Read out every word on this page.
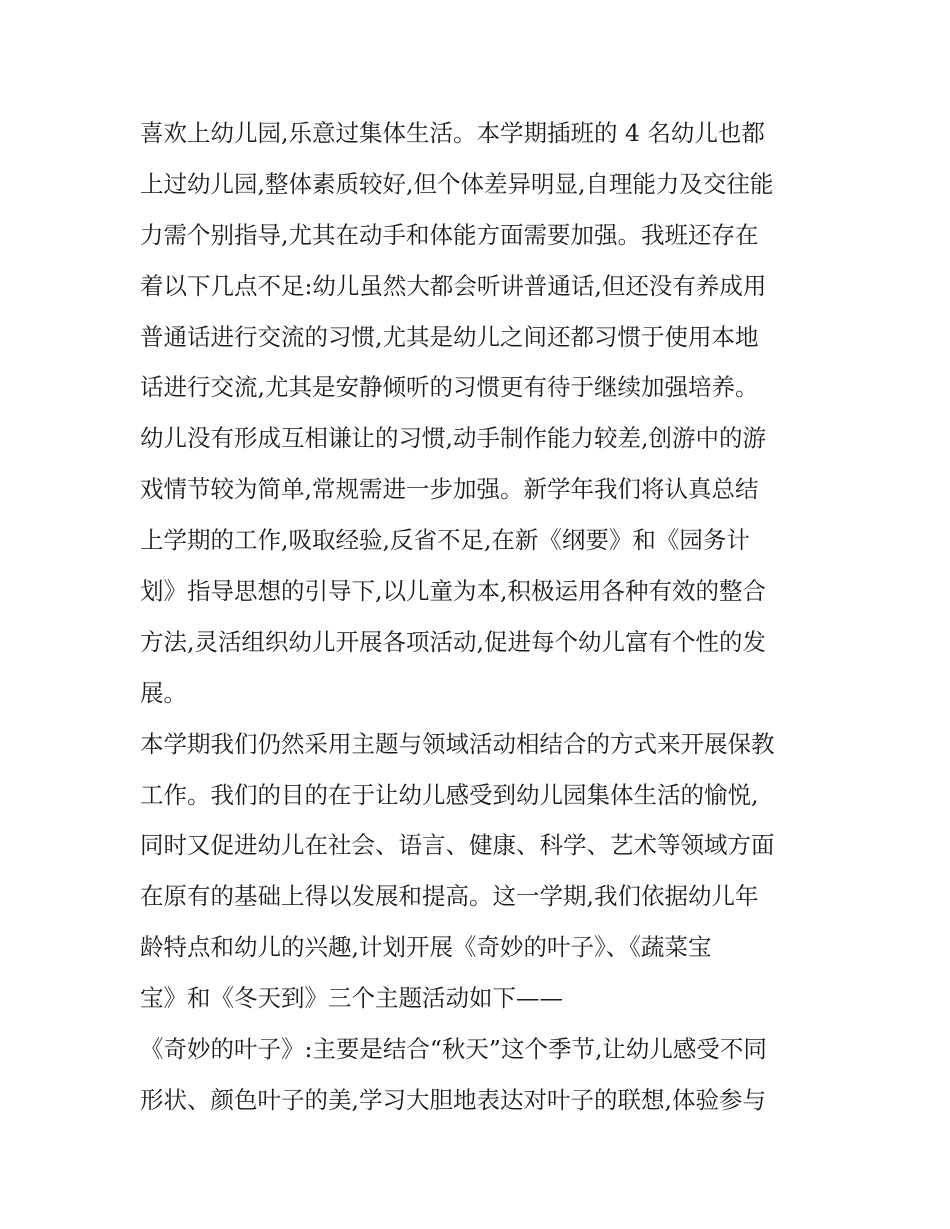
喜欢上幼儿园,乐意过集体生活。本学期插班的 4 名幼儿也都
上过幼儿园,整体素质较好,但个体差异明显,自理能力及交往能
力需个别指导,尤其在动手和体能方面需要加强。我班还存在
着以下几点不足:幼儿虽然大都会听讲普通话,但还没有养成用
普通话进行交流的习惯,尤其是幼儿之间还都习惯于使用本地
话进行交流,尤其是安静倾听的习惯更有待于继续加强培养。
幼儿没有形成互相谦让的习惯,动手制作能力较差,创游中的游
戏情节较为简单,常规需进一步加强。新学年我们将认真总结
上学期的工作,吸取经验,反省不足,在新《纲要》和《园务计
划》指导思想的引导下,以儿童为本,积极运用各种有效的整合
方法,灵活组织幼儿开展各项活动,促进每个幼儿富有个性的发
展。
本学期我们仍然采用主题与领域活动相结合的方式来开展保教
工作。我们的目的在于让幼儿感受到幼儿园集体生活的愉悦,
同时又促进幼儿在社会、语言、健康、科学、艺术等领域方面
在原有的基础上得以发展和提高。这一学期,我们依据幼儿年
龄特点和幼儿的兴趣,计划开展《奇妙的叶子》、《蔬菜宝
宝》和《冬天到》三个主题活动如下——
《奇妙的叶子》:主要是结合“秋天”这个季节,让幼儿感受不同
形状、颜色叶子的美,学习大胆地表达对叶子的联想,体验参与
